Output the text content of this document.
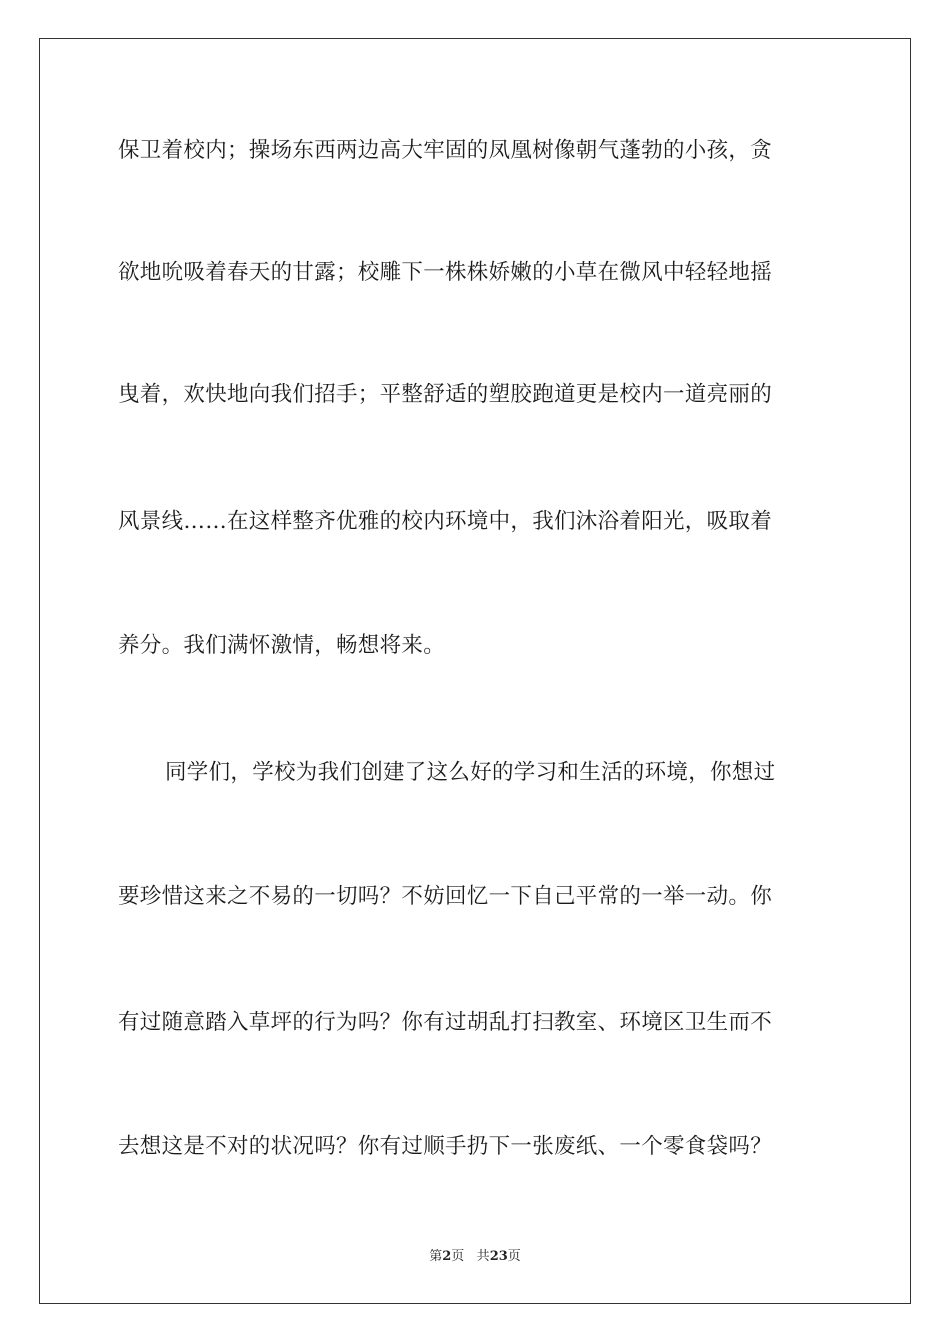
保卫着校内；操场东西两边高大牢固的凤凰树像朝气蓬勃的小孩，贪
欲地吮吸着春天的甘露；校雕下一株株娇嫩的小草在微风中轻轻地摇
曳着，欢快地向我们招手；平整舒适的塑胶跑道更是校内一道亮丽的
风景线……在这样整齐优雅的校内环境中，我们沐浴着阳光，吸取着
养分。我们满怀激情，畅想将来。
同学们，学校为我们创建了这么好的学习和生活的环境，你想过
要珍惜这来之不易的一切吗？不妨回忆一下自己平常的一举一动。你
有过随意踏入草坪的行为吗？你有过胡乱打扫教室、环境区卫生而不
去想这是不对的状况吗？你有过顺手扔下一张废纸、一个零食袋吗？
第2页 共23页
